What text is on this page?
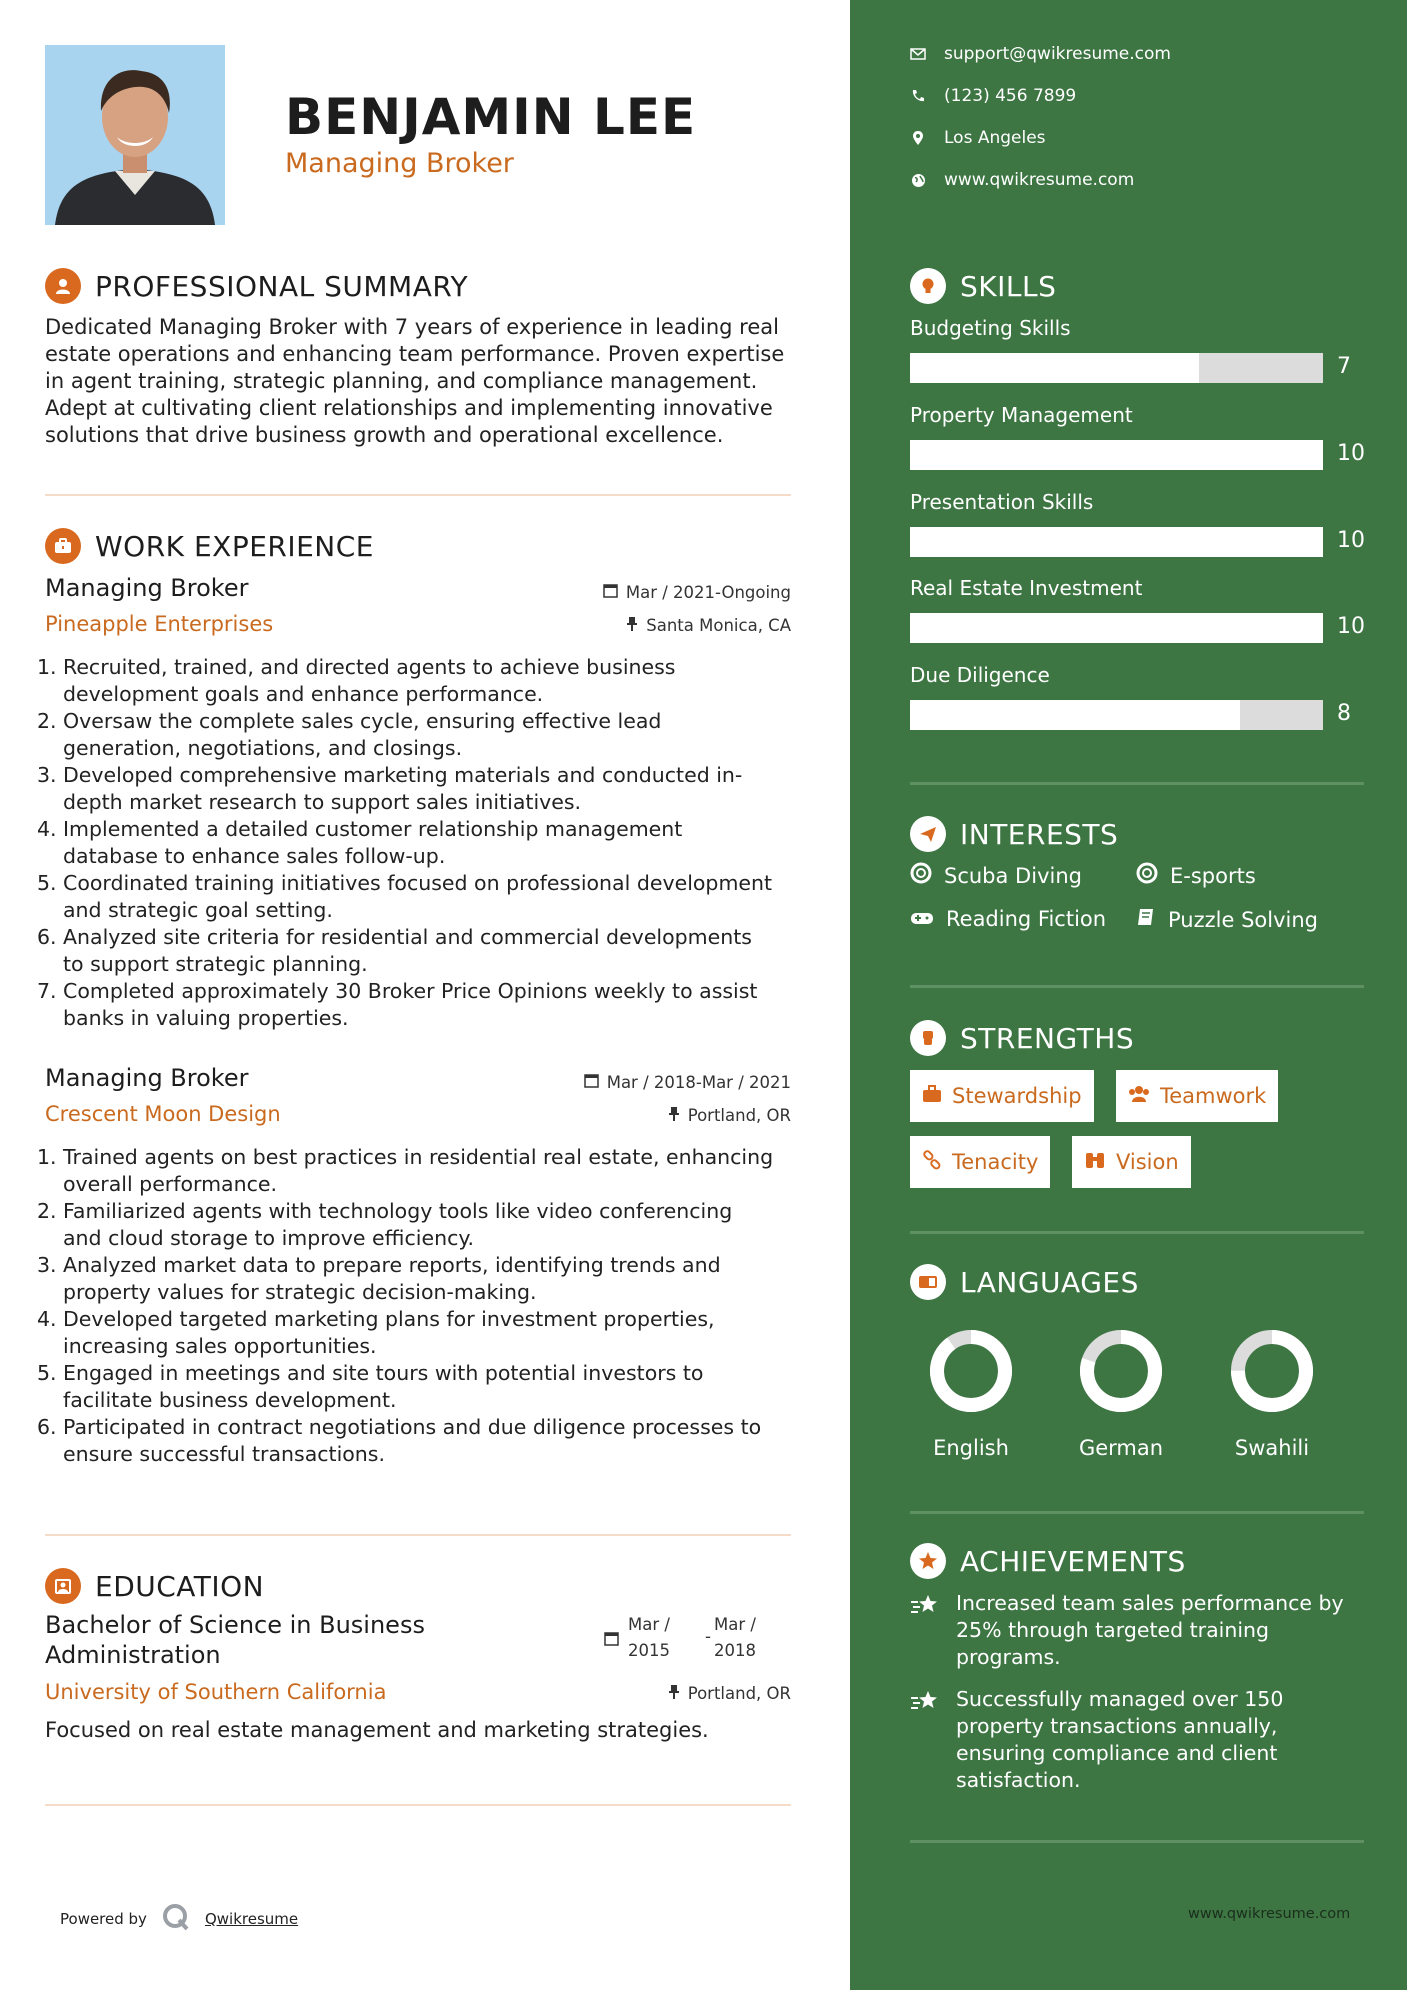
BENJAMIN LEE
Managing Broker
PROFESSIONAL SUMMARY
Dedicated Managing Broker with 7 years of experience in leading real
estate operations and enhancing team performance. Proven expertise
in agent training, strategic planning, and compliance management.
Adept at cultivating client relationships and implementing innovative
solutions that drive business growth and operational excellence.
WORK EXPERIENCE
Managing Broker
Pineapple Enterprises
Mar / 2021-Ongoing
Santa Monica, CA
1. Recruited, trained, and directed agents to achieve business
development goals and enhance performance.
2. Oversaw the complete sales cycle, ensuring effective lead
generation, negotiations, and closings.
3. Developed comprehensive marketing materials and conducted in-
depth market research to support sales initiatives.
4. Implemented a detailed customer relationship management
database to enhance sales follow-up.
5. Coordinated training initiatives focused on professional development
and strategic goal setting.
6. Analyzed site criteria for residential and commercial developments
to support strategic planning.
7. Completed approximately 30 Broker Price Opinions weekly to assist
banks in valuing properties.
Managing Broker
Crescent Moon Design
Mar / 2018-Mar / 2021
Portland, OR
1. Trained agents on best practices in residential real estate, enhancing
overall performance.
2. Familiarized agents with technology tools like video conferencing
and cloud storage to improve efficiency.
3. Analyzed market data to prepare reports, identifying trends and
property values for strategic decision-making.
4. Developed targeted marketing plans for investment properties,
increasing sales opportunities.
5. Engaged in meetings and site tours with potential investors to
facilitate business development.
6. Participated in contract negotiations and due diligence processes to
ensure successful transactions.
EDUCATION
Bachelor of Science in Business
Administration
University of Southern California
Mar /
2015
-
Mar /
2018
Portland, OR
Focused on real estate management and marketing strategies.
Powered by	Qwikresume
support@qwikresume.com
(123) 456 7899
Los Angeles
www.qwikresume.com
SKILLS
Budgeting Skills
7
Property Management
10
Presentation Skills
10
Real Estate Investment
10
Due Diligence
8
INTERESTS
Scuba Diving	E-sports
Reading Fiction	Puzzle Solving
STRENGTHS
Stewardship	Teamwork
Tenacity	Vision
LANGUAGES
English	German	Swahili
ACHIEVEMENTS
Increased team sales performance by
25% through targeted training
programs.
Successfully managed over 150
property transactions annually,
ensuring compliance and client
satisfaction.
www.qwikresume.com
